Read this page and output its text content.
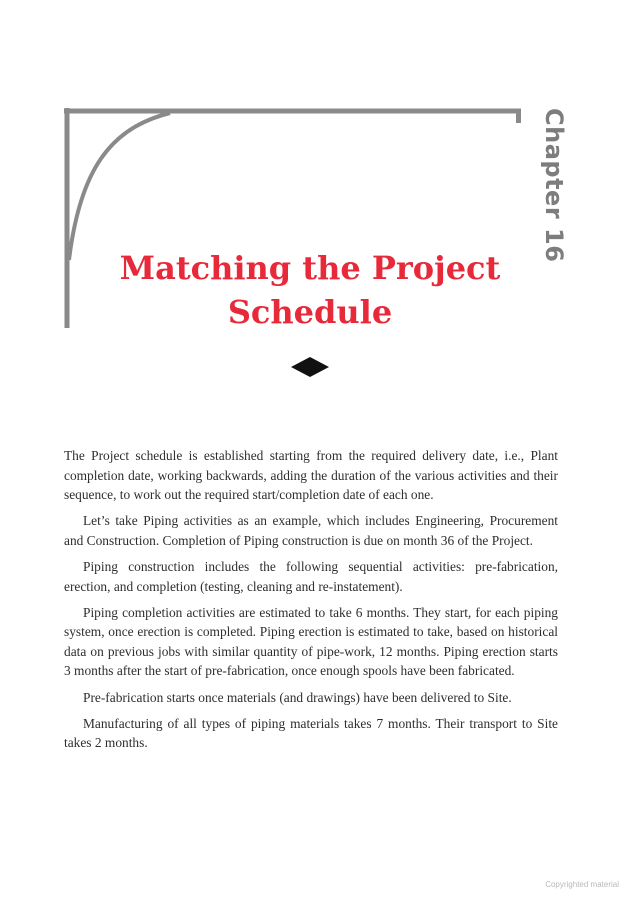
Chapter 16
Matching the Project
Schedule

The Project schedule is established starting from the required delivery date, i.e., Plant completion date, working backwards, adding the duration of the various activities and their sequence, to work out the required start/completion date of each one.

Let’s take Piping activities as an example, which includes Engineering, Procurement and Construction. Completion of Piping construction is due on month 36 of the Project.

Piping construction includes the following sequential activities: pre-fabrication, erection, and completion (testing, cleaning and re-instatement).

Piping completion activities are estimated to take 6 months. They start, for each piping system, once erection is completed. Piping erection is estimated to take, based on historical data on previous jobs with similar quantity of pipe-work, 12 months. Piping erection starts 3 months after the start of pre-fabrication, once enough spools have been fabricated.

Pre-fabrication starts once materials (and drawings) have been delivered to Site.

Manufacturing of all types of piping materials takes 7 months. Their transport to Site takes 2 months.

Copyrighted material
